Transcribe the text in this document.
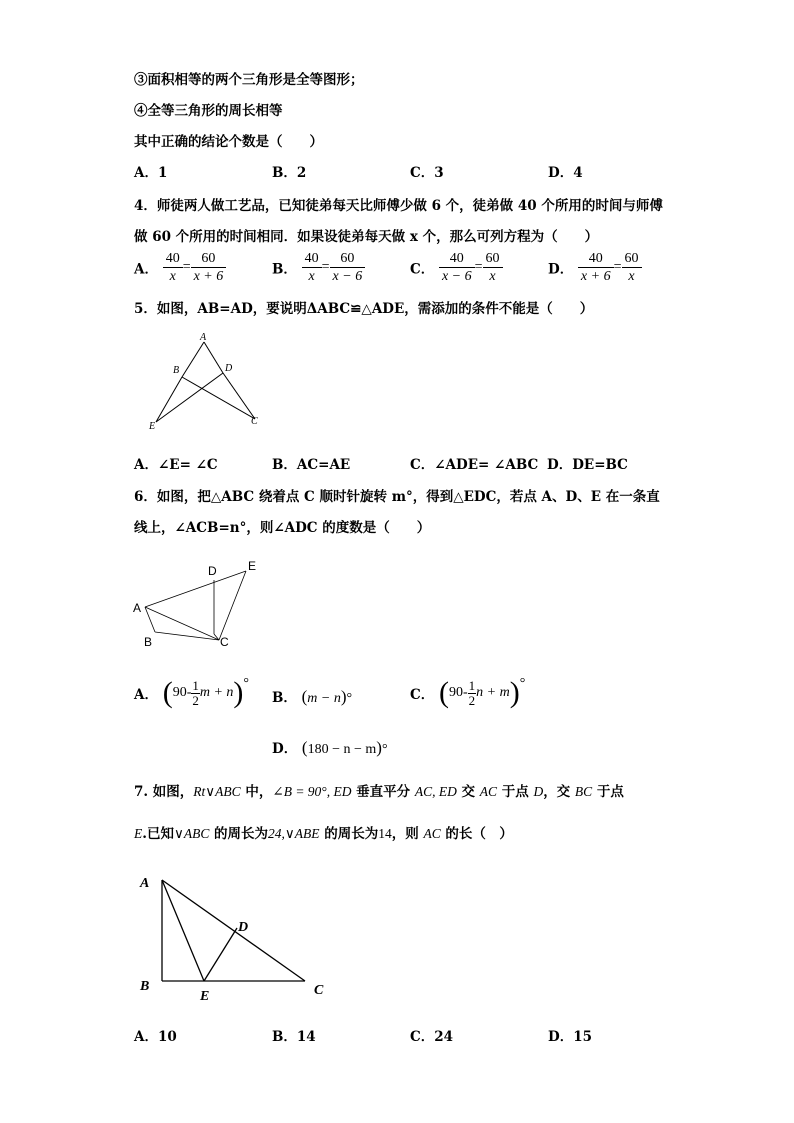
③面积相等的两个三角形是全等图形；
④全等三角形的周长相等
其中正确的结论个数是（　　）
A．1	B．2	C．3	D．4
4．师徒两人做工艺品，已知徒弟每天比师傅少做 6 个，徒弟做 40 个所用的时间与师傅
做 60 个所用的时间相同．如果设徒弟每天做 x 个，那么可列方程为（　　）
A． $\frac{40}{x} = \frac{60}{x + 6}$	B． $\frac{40}{x} = \frac{60}{x - 6}$	C． $\frac{40}{x - 6} = \frac{60}{x}$	D． $\frac{40}{x + 6} = \frac{60}{x}$
5．如图，AB=AD，要说明ΔABC≌△ADE，需添加的条件不能是（　　）
A
B	D
E	C
A．∠E= ∠C	B．AC=AE	C．∠ADE= ∠ABC D．DE=BC
6．如图，把△ABC 绕着点 C 顺时针旋转 m°，得到△EDC，若点 A、D、E 在一条直
线上，∠ACB=n°，则∠ADC 的度数是（　　）
A
B	C
D	E
A． ($90- \frac{1}{2}$ m + n)°
B． (m − n)°	C． ($90- \frac{1}{2}$ n + m)°
D． (180 − n − m)°
7. 如图，Rt∨ABC 中，∠B = 90°, ED 垂直平分 AC, ED 交 AC 于点 D，交 BC 于点
E.已知∨ABC 的周长为24,∨ABE 的周长为14，则 AC 的长（　）
A
B
E
D
C
A．10	B．14	C．24	D．15
